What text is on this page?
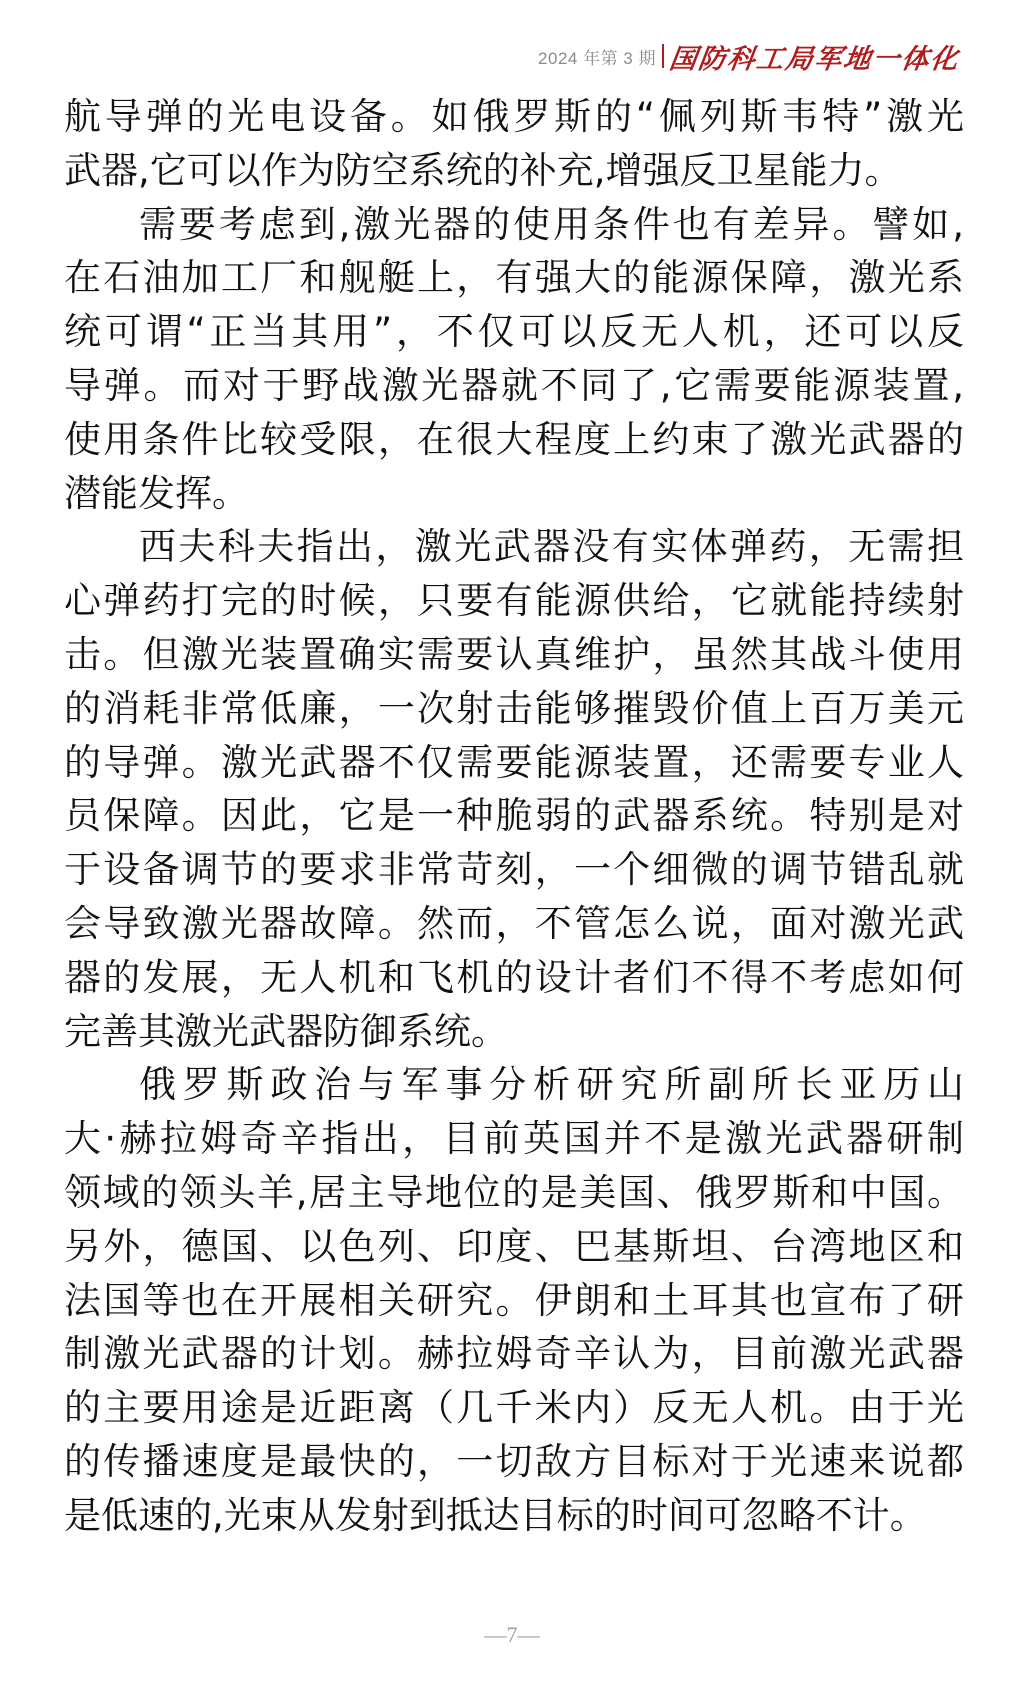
2024 年第 3 期 国防科工局军地一体化
航导弹的光电设备。如俄罗斯的“佩列斯韦特”激光
武器,它可以作为防空系统的补充,增强反卫星能力。
需要考虑到,激光器的使用条件也有差异。譬如,
在石油加工厂和舰艇上，有强大的能源保障，激光系
统可谓“正当其用”，不仅可以反无人机，还可以反
导弹。而对于野战激光器就不同了,它需要能源装置,
使用条件比较受限，在很大程度上约束了激光武器的
潜能发挥。
西夫科夫指出，激光武器没有实体弹药，无需担
心弹药打完的时候，只要有能源供给，它就能持续射
击。但激光装置确实需要认真维护，虽然其战斗使用
的消耗非常低廉，一次射击能够摧毁价值上百万美元
的导弹。激光武器不仅需要能源装置，还需要专业人
员保障。因此，它是一种脆弱的武器系统。特别是对
于设备调节的要求非常苛刻，一个细微的调节错乱就
会导致激光器故障。然而，不管怎么说，面对激光武
器的发展，无人机和飞机的设计者们不得不考虑如何
完善其激光武器防御系统。
俄罗斯政治与军事分析研究所副所长亚历山
大·赫拉姆奇辛指出，目前英国并不是激光武器研制
领域的领头羊,居主导地位的是美国、俄罗斯和中国。
另外，德国、以色列、印度、巴基斯坦、台湾地区和
法国等也在开展相关研究。伊朗和土耳其也宣布了研
制激光武器的计划。赫拉姆奇辛认为，目前激光武器
的主要用途是近距离（几千米内）反无人机。由于光
的传播速度是最快的，一切敌方目标对于光速来说都
是低速的,光束从发射到抵达目标的时间可忽略不计。
—7—
